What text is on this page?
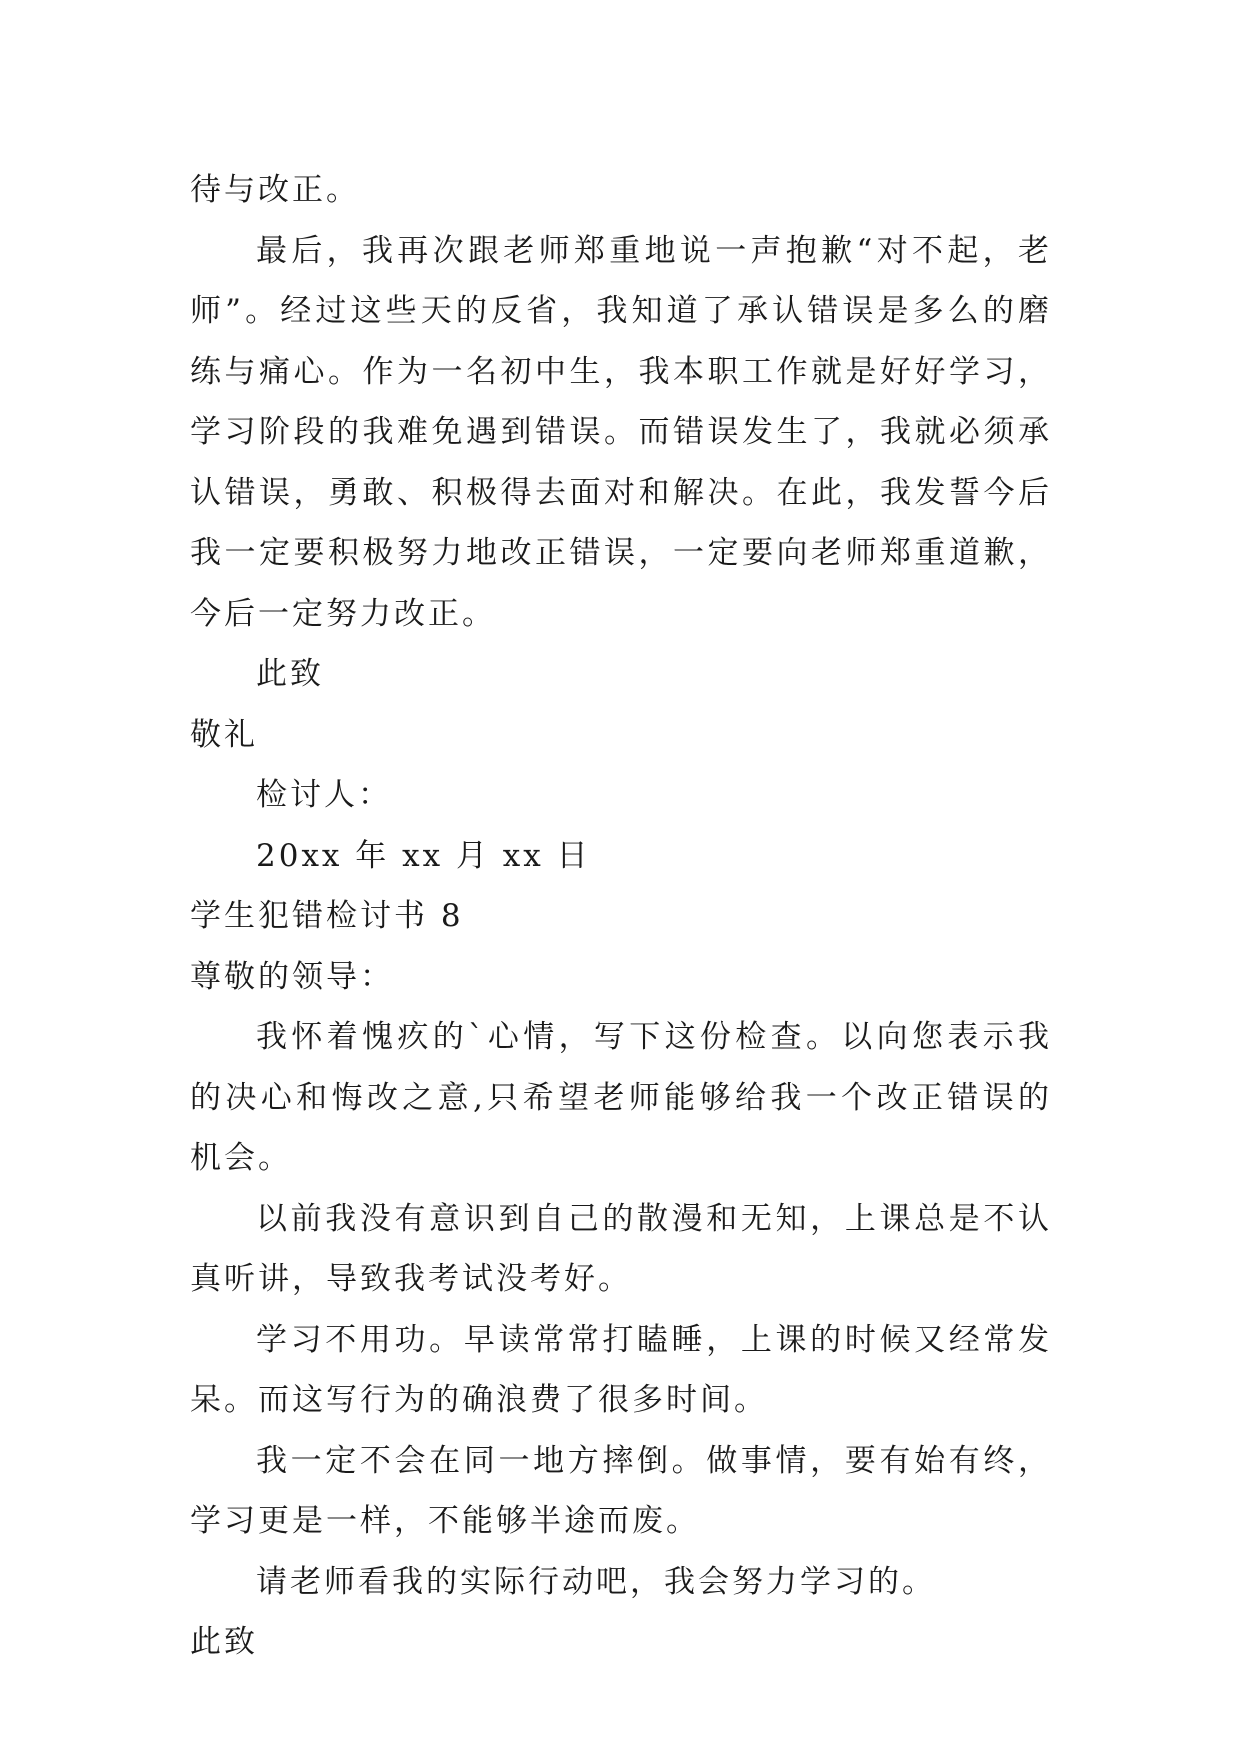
待与改正。

最后，我再次跟老师郑重地说一声抱歉“对不起，老师”。经过这些天的反省，我知道了承认错误是多么的磨练与痛心。作为一名初中生，我本职工作就是好好学习，学习阶段的我难免遇到错误。而错误发生了，我就必须承认错误，勇敢、积极得去面对和解决。在此，我发誓今后我一定要积极努力地改正错误，一定要向老师郑重道歉，今后一定努力改正。

此致

敬礼

检讨人：

20xx 年 xx 月 xx 日

学生犯错检讨书 8

尊敬的领导：

我怀着愧疚的`心情，写下这份检查。以向您表示我的决心和悔改之意,只希望老师能够给我一个改正错误的机会。

以前我没有意识到自己的散漫和无知，上课总是不认真听讲，导致我考试没考好。

学习不用功。早读常常打瞌睡，上课的时候又经常发呆。而这写行为的确浪费了很多时间。

我一定不会在同一地方摔倒。做事情，要有始有终，学习更是一样，不能够半途而废。

请老师看我的实际行动吧，我会努力学习的。

此致
